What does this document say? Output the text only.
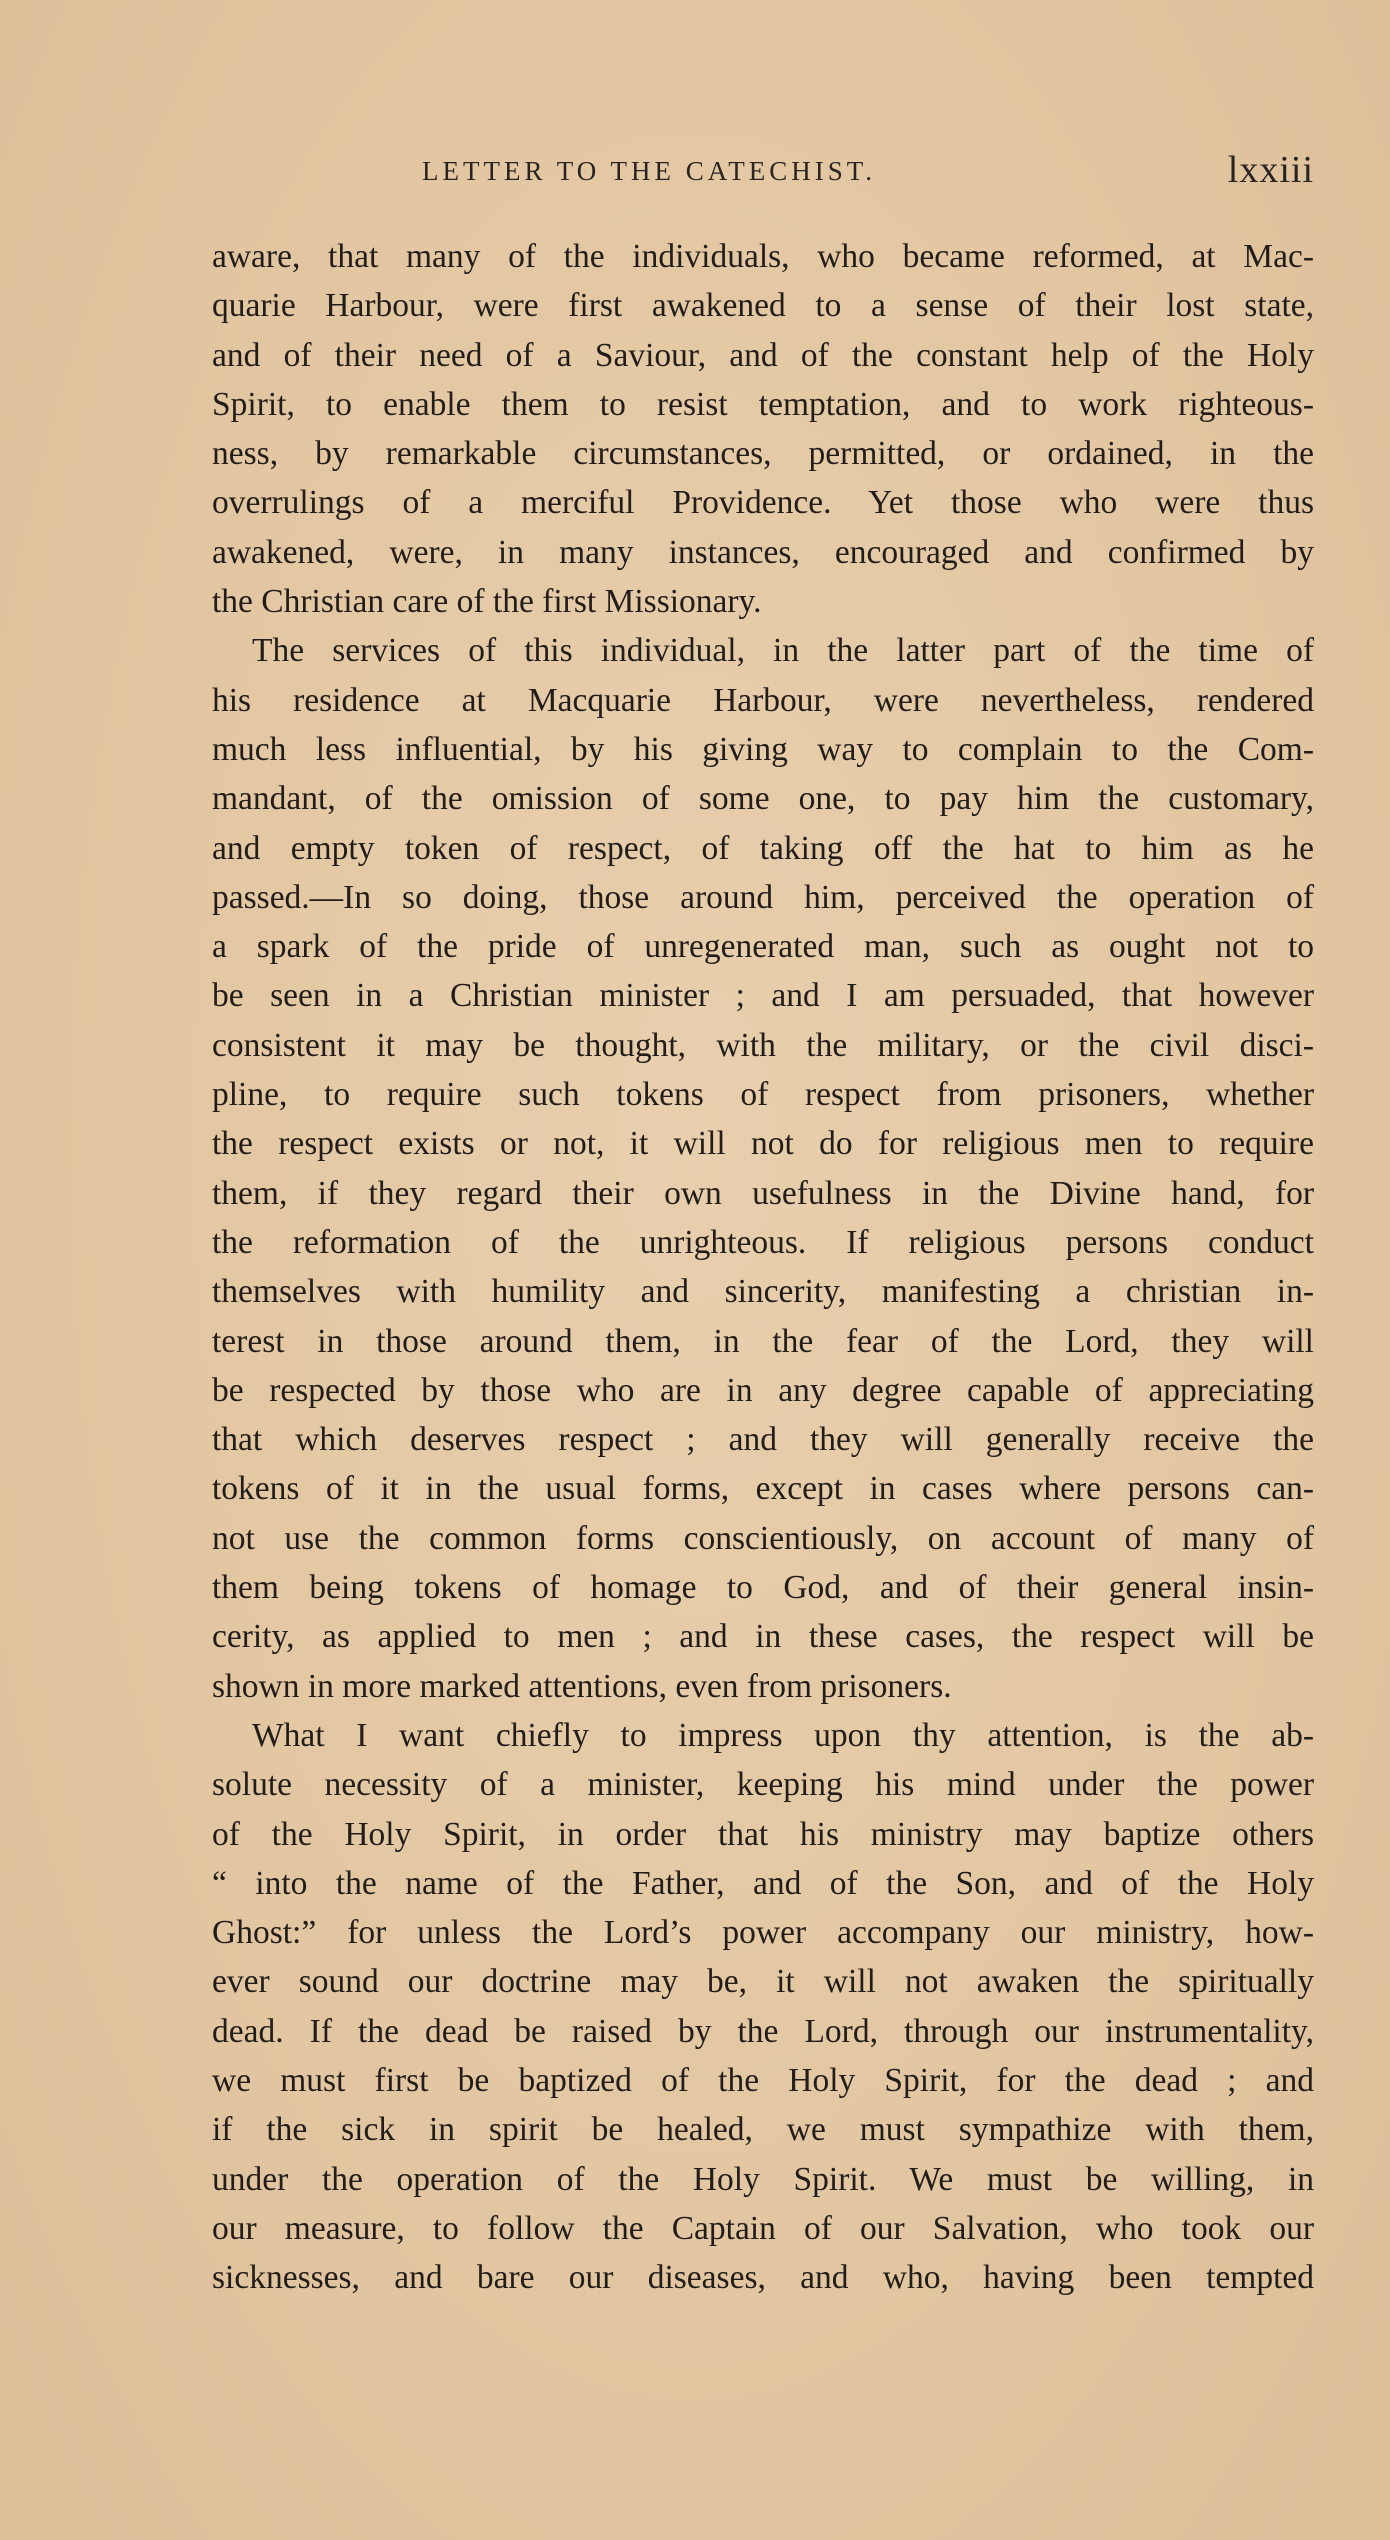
LETTER TO THE CATECHIST.	lxxiii
aware, that many of the individuals, who became reformed, at Mac-
quarie Harbour, were first awakened to a sense of their lost state,
and of their need of a Saviour, and of the constant help of the Holy
Spirit, to enable them to resist temptation, and to work righteous-
ness, by remarkable circumstances, permitted, or ordained, in the
overrulings of a merciful Providence. Yet those who were thus
awakened, were, in many instances, encouraged and confirmed by
the Christian care of the first Missionary.
The services of this individual, in the latter part of the time of
his residence at Macquarie Harbour, were nevertheless, rendered
much less influential, by his giving way to complain to the Com-
mandant, of the omission of some one, to pay him the customary,
and empty token of respect, of taking off the hat to him as he
passed.—In so doing, those around him, perceived the operation of
a spark of the pride of unregenerated man, such as ought not to
be seen in a Christian minister ; and I am persuaded, that however
consistent it may be thought, with the military, or the civil disci-
pline, to require such tokens of respect from prisoners, whether
the respect exists or not, it will not do for religious men to require
them, if they regard their own usefulness in the Divine hand, for
the reformation of the unrighteous. If religious persons conduct
themselves with humility and sincerity, manifesting a christian in-
terest in those around them, in the fear of the Lord, they will
be respected by those who are in any degree capable of appreciating
that which deserves respect ; and they will generally receive the
tokens of it in the usual forms, except in cases where persons can-
not use the common forms conscientiously, on account of many of
them being tokens of homage to God, and of their general insin-
cerity, as applied to men ; and in these cases, the respect will be
shown in more marked attentions, even from prisoners.
What I want chiefly to impress upon thy attention, is the ab-
solute necessity of a minister, keeping his mind under the power
of the Holy Spirit, in order that his ministry may baptize others
“ into the name of the Father, and of the Son, and of the Holy
Ghost:” for unless the Lord’s power accompany our ministry, how-
ever sound our doctrine may be, it will not awaken the spiritually
dead. If the dead be raised by the Lord, through our instrumentality,
we must first be baptized of the Holy Spirit, for the dead ; and
if the sick in spirit be healed, we must sympathize with them,
under the operation of the Holy Spirit. We must be willing, in
our measure, to follow the Captain of our Salvation, who took our
sicknesses, and bare our diseases, and who, having been tempted
